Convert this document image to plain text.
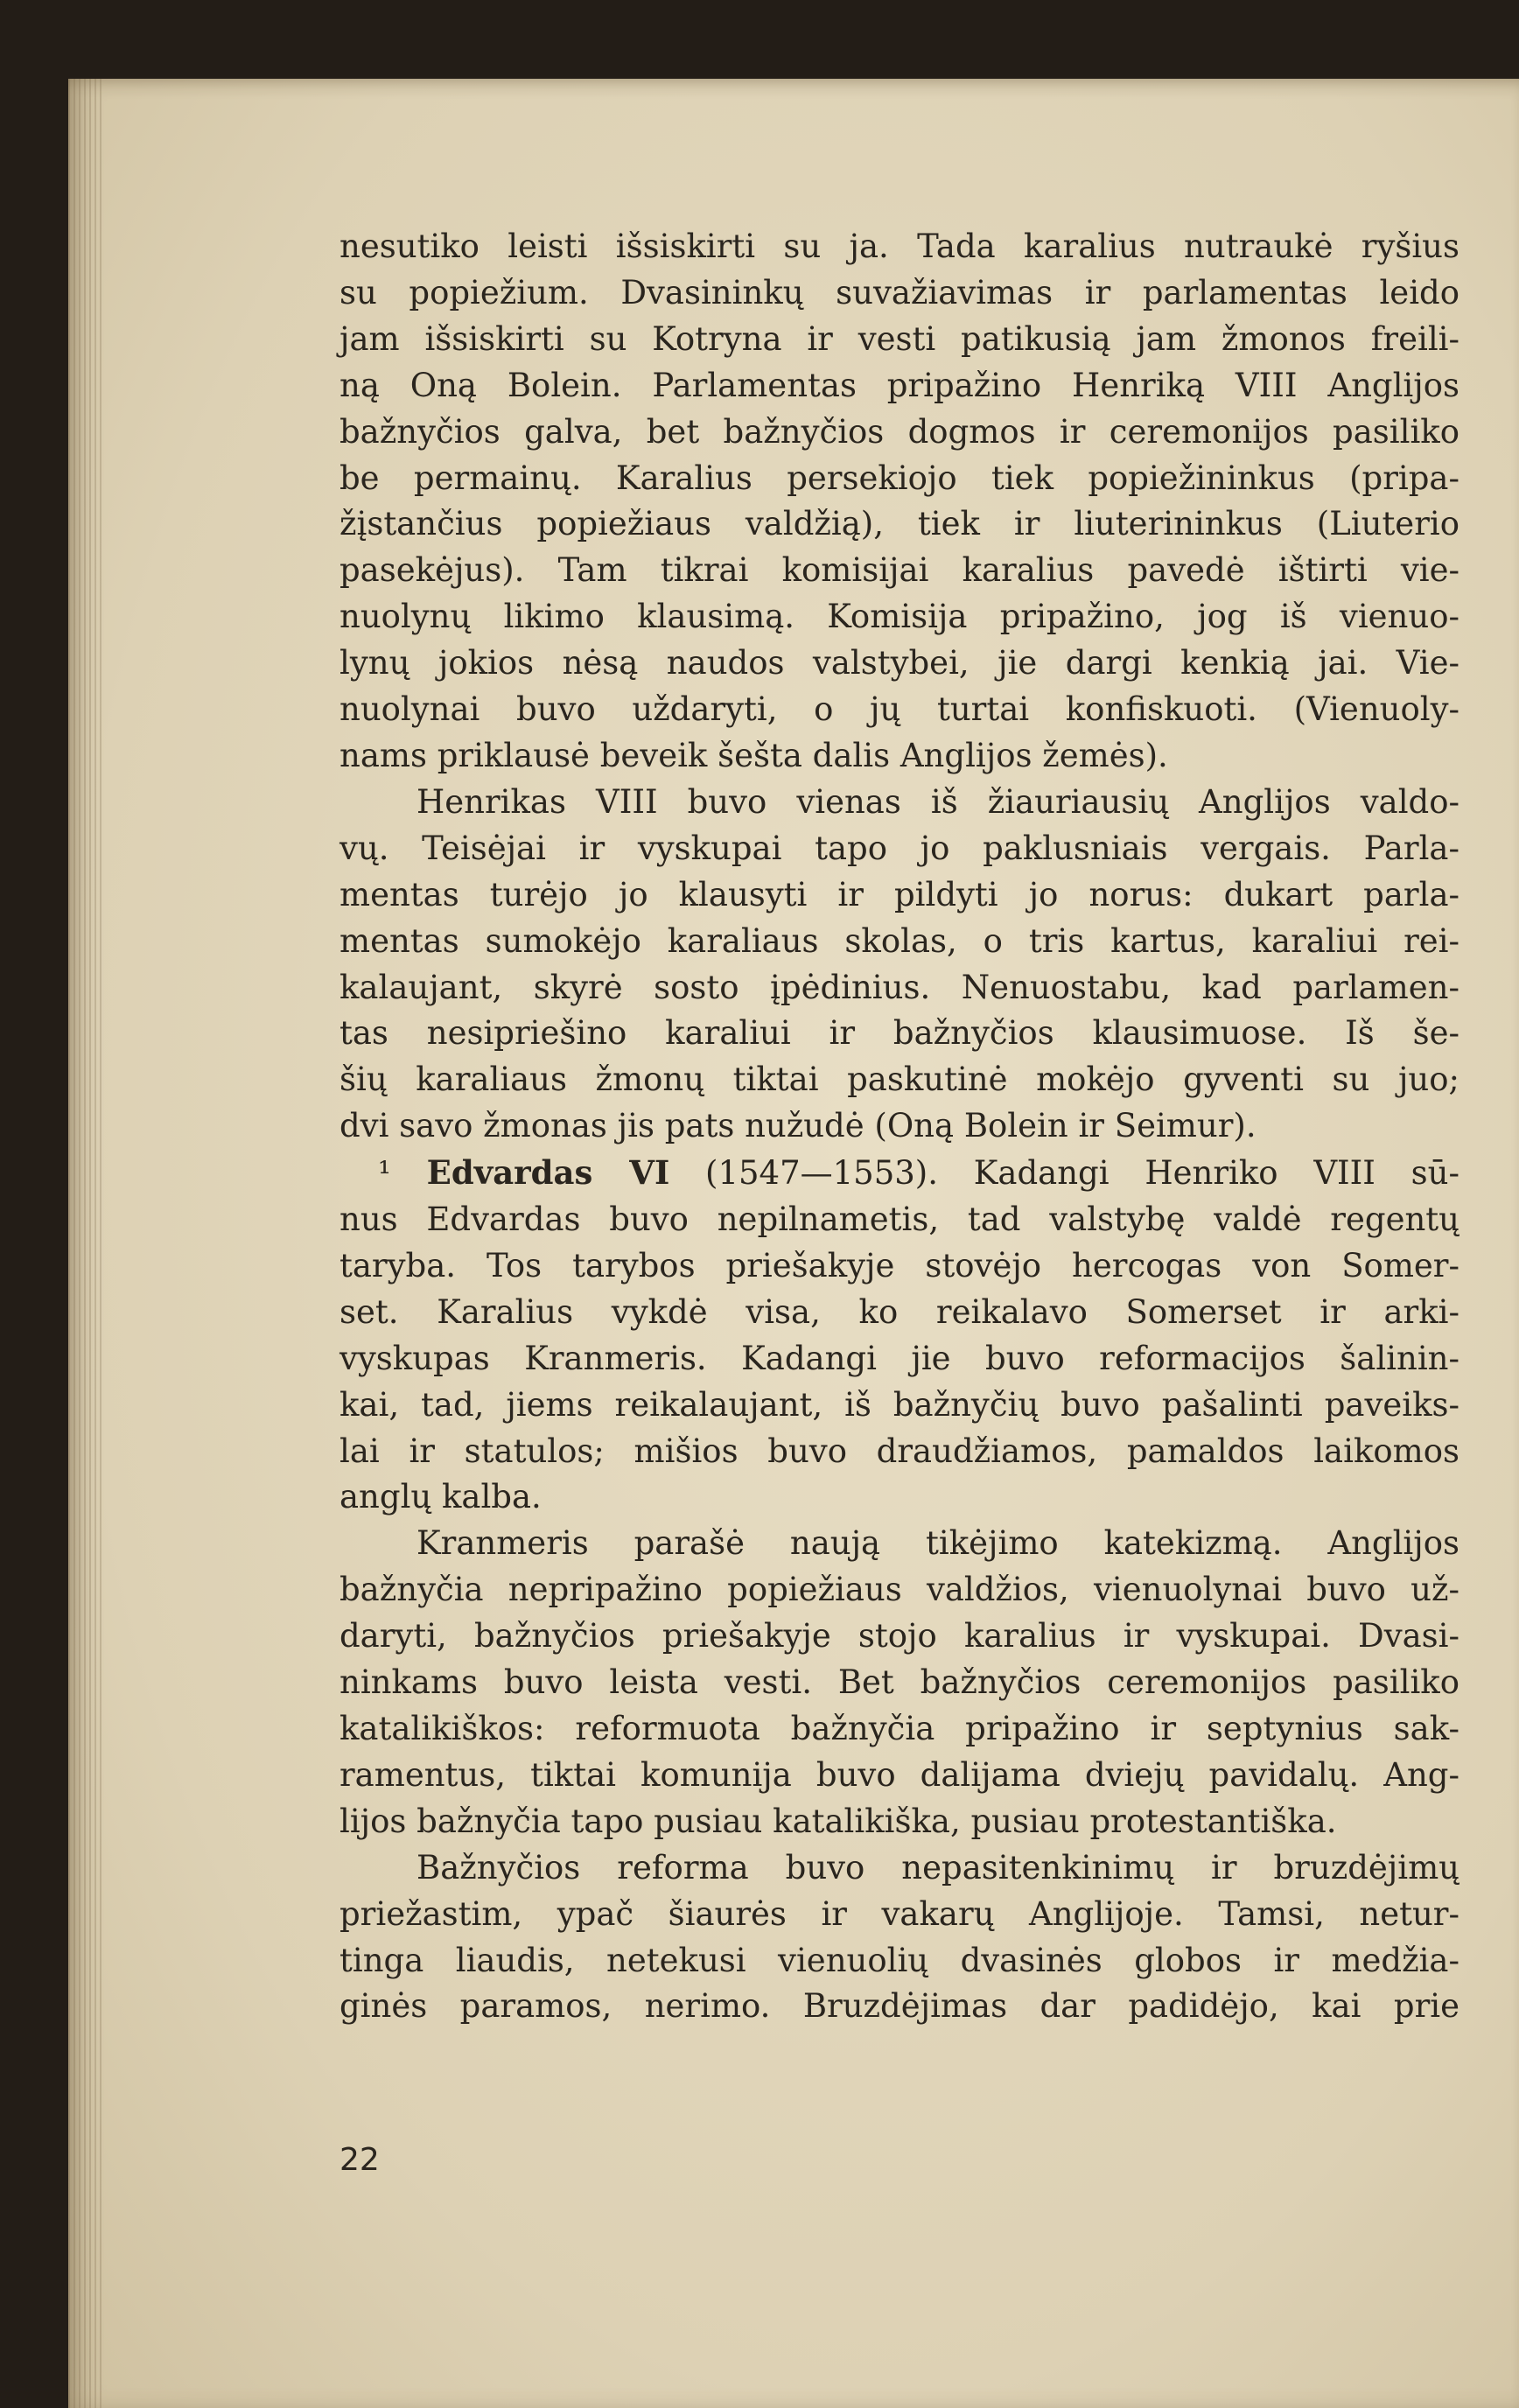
nesutiko leisti išsiskirti su ja. Tada karalius nutraukė ryšius
su popiežium. Dvasininkų suvažiavimas ir parlamentas leido
jam išsiskirti su Kotryna ir vesti patikusią jam žmonos freili-
ną Oną Bolein. Parlamentas pripažino Henriką VIII Anglijos
bažnyčios galva, bet bažnyčios dogmos ir ceremonijos pasiliko
be permainų. Karalius persekiojo tiek popiežininkus (pripa-
žįstančius popiežiaus valdžią), tiek ir liuterininkus (Liuterio
pasekėjus). Tam tikrai komisijai karalius pavedė ištirti vie-
nuolynų likimo klausimą. Komisija pripažino, jog iš vienuo-
lynų jokios nėsą naudos valstybei, jie dargi kenkią jai. Vie-
nuolynai buvo uždaryti, o jų turtai konfiskuoti. (Vienuoly-
nams priklausė beveik šešta dalis Anglijos žemės).
Henrikas VIII buvo vienas iš žiauriausių Anglijos valdo-
vų. Teisėjai ir vyskupai tapo jo paklusniais vergais. Parla-
mentas turėjo jo klausyti ir pildyti jo norus: dukart parla-
mentas sumokėjo karaliaus skolas, o tris kartus, karaliui rei-
kalaujant, skyrė sosto įpėdinius. Nenuostabu, kad parlamen-
tas nesipriešino karaliui ir bažnyčios klausimuose. Iš še-
šių karaliaus žmonų tiktai paskutinė mokėjo gyventi su juo;
dvi savo žmonas jis pats nužudė (Oną Bolein ir Seimur).
¹ Edvardas VI (1547—1553). Kadangi Henriko VIII sū-
nus Edvardas buvo nepilnametis, tad valstybę valdė regentų
taryba. Tos tarybos priešakyje stovėjo hercogas von Somer-
set. Karalius vykdė visa, ko reikalavo Somerset ir arki-
vyskupas Kranmeris. Kadangi jie buvo reformacijos šalinin-
kai, tad, jiems reikalaujant, iš bažnyčių buvo pašalinti paveiks-
lai ir statulos; mišios buvo draudžiamos, pamaldos laikomos
anglų kalba.
Kranmeris parašė naują tikėjimo katekizmą. Anglijos
bažnyčia nepripažino popiežiaus valdžios, vienuolynai buvo už-
daryti, bažnyčios priešakyje stojo karalius ir vyskupai. Dvasi-
ninkams buvo leista vesti. Bet bažnyčios ceremonijos pasiliko
katalikiškos: reformuota bažnyčia pripažino ir septynius sak-
ramentus, tiktai komunija buvo dalijama dviejų pavidalų. Ang-
lijos bažnyčia tapo pusiau katalikiška, pusiau protestantiška.
Bažnyčios reforma buvo nepasitenkinimų ir bruzdėjimų
priežastim, ypač šiaurės ir vakarų Anglijoje. Tamsi, netur-
tinga liaudis, netekusi vienuolių dvasinės globos ir medžia-
ginės paramos, nerimo. Bruzdėjimas dar padidėjo, kai prie
22
